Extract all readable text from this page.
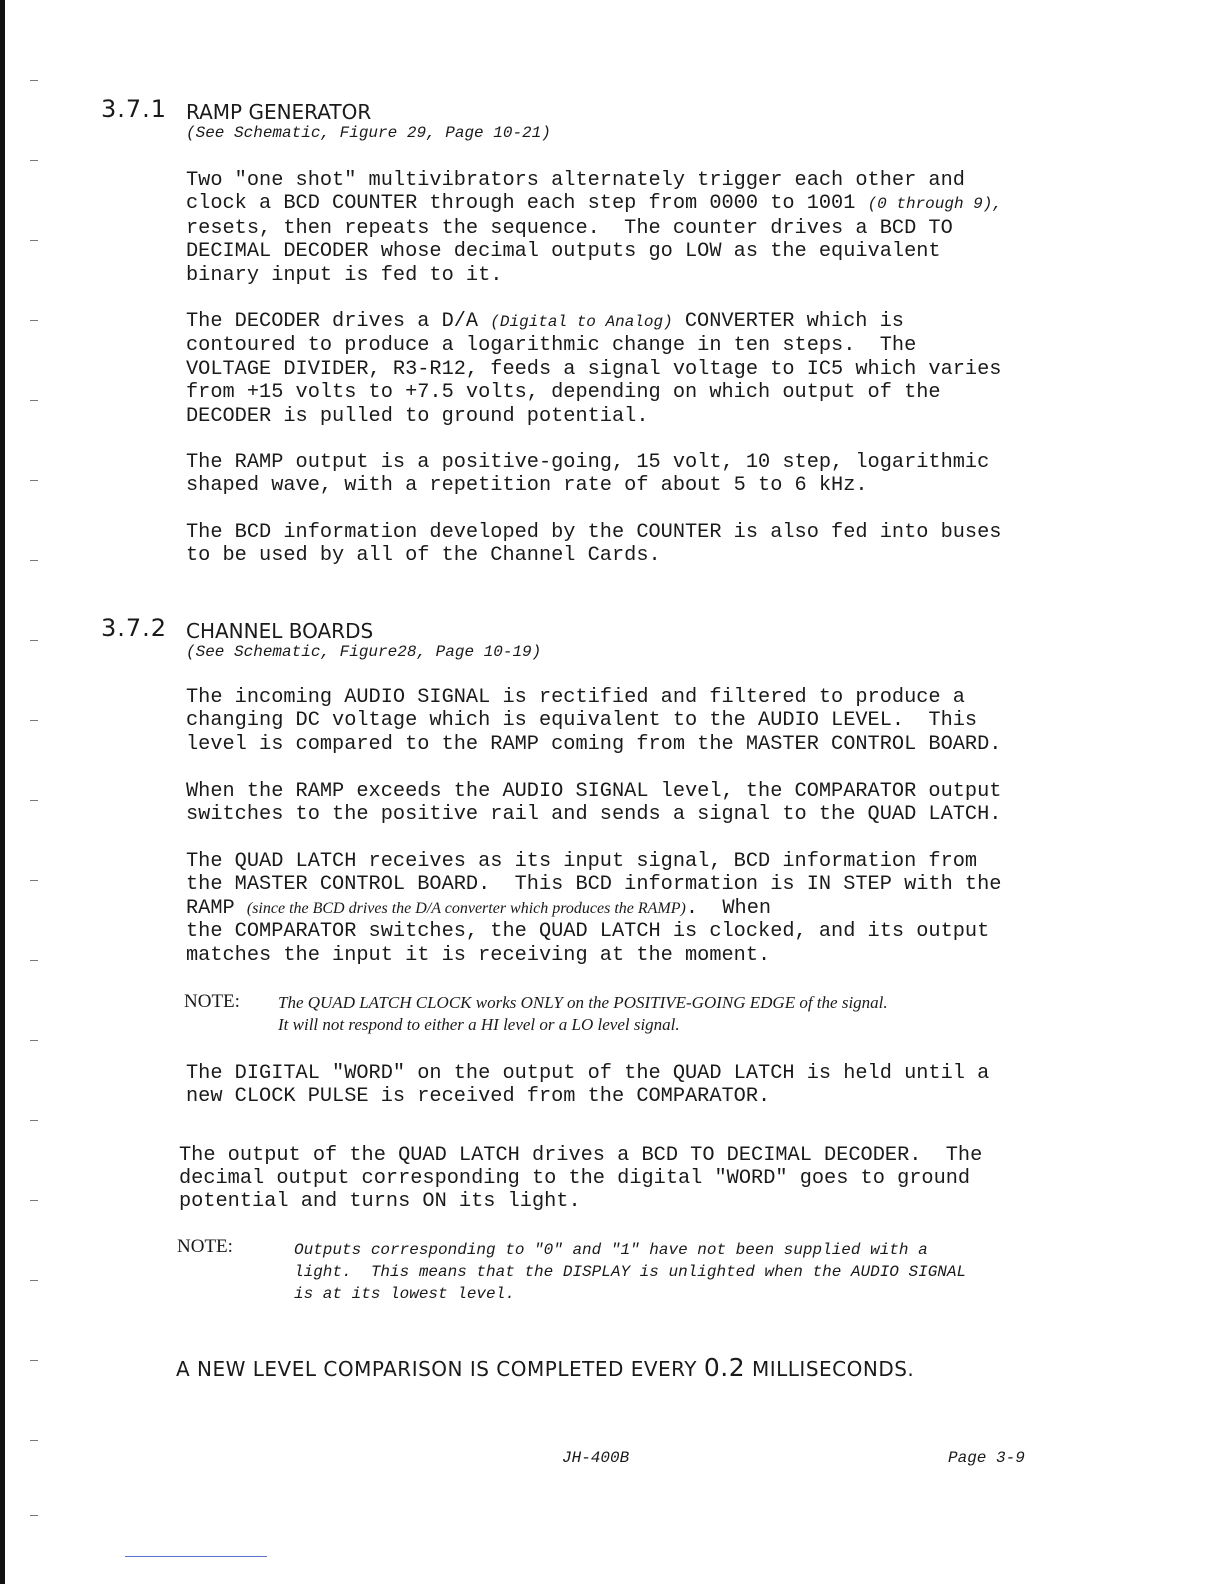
3.7.1 RAMP GENERATOR
(See Schematic, Figure 29, Page 10-21)

Two "one shot" multivibrators alternately trigger each other and
clock a BCD COUNTER through each step from 0000 to 1001 (0 through 9),
resets, then repeats the sequence.  The counter drives a BCD TO
DECIMAL DECODER whose decimal outputs go LOW as the equivalent
binary input is fed to it.

The DECODER drives a D/A (Digital to Analog) CONVERTER which is
contoured to produce a logarithmic change in ten steps.  The
VOLTAGE DIVIDER, R3-R12, feeds a signal voltage to IC5 which varies
from +15 volts to +7.5 volts, depending on which output of the
DECODER is pulled to ground potential.

The RAMP output is a positive-going, 15 volt, 10 step, logarithmic
shaped wave, with a repetition rate of about 5 to 6 kHz.

The BCD information developed by the COUNTER is also fed into buses
to be used by all of the Channel Cards.

3.7.2 CHANNEL BOARDS
(See Schematic, Figure28, Page 10-19)

The incoming AUDIO SIGNAL is rectified and filtered to produce a
changing DC voltage which is equivalent to the AUDIO LEVEL.  This
level is compared to the RAMP coming from the MASTER CONTROL BOARD.

When the RAMP exceeds the AUDIO SIGNAL level, the COMPARATOR output
switches to the positive rail and sends a signal to the QUAD LATCH.

The QUAD LATCH receives as its input signal, BCD information from
the MASTER CONTROL BOARD.  This BCD information is IN STEP with the
RAMP (since the BCD drives the D/A converter which produces the RAMP).  When
the COMPARATOR switches, the QUAD LATCH is clocked, and its output
matches the input it is receiving at the moment.

NOTE: The QUAD LATCH CLOCK works ONLY on the POSITIVE-GOING EDGE of the signal.
It will not respond to either a HI level or a LO level signal.

The DIGITAL "WORD" on the output of the QUAD LATCH is held until a
new CLOCK PULSE is received from the COMPARATOR.

The output of the QUAD LATCH drives a BCD TO DECIMAL DECODER.  The
decimal output corresponding to the digital "WORD" goes to ground
potential and turns ON its light.

NOTE:	Outputs corresponding to "0" and "1" have not been supplied with a
light.  This means that the DISPLAY is unlighted when the AUDIO SIGNAL
is at its lowest level.

A NEW LEVEL COMPARISON IS COMPLETED EVERY 0.2 MILLISECONDS.
JH-400B	Page 3-9
